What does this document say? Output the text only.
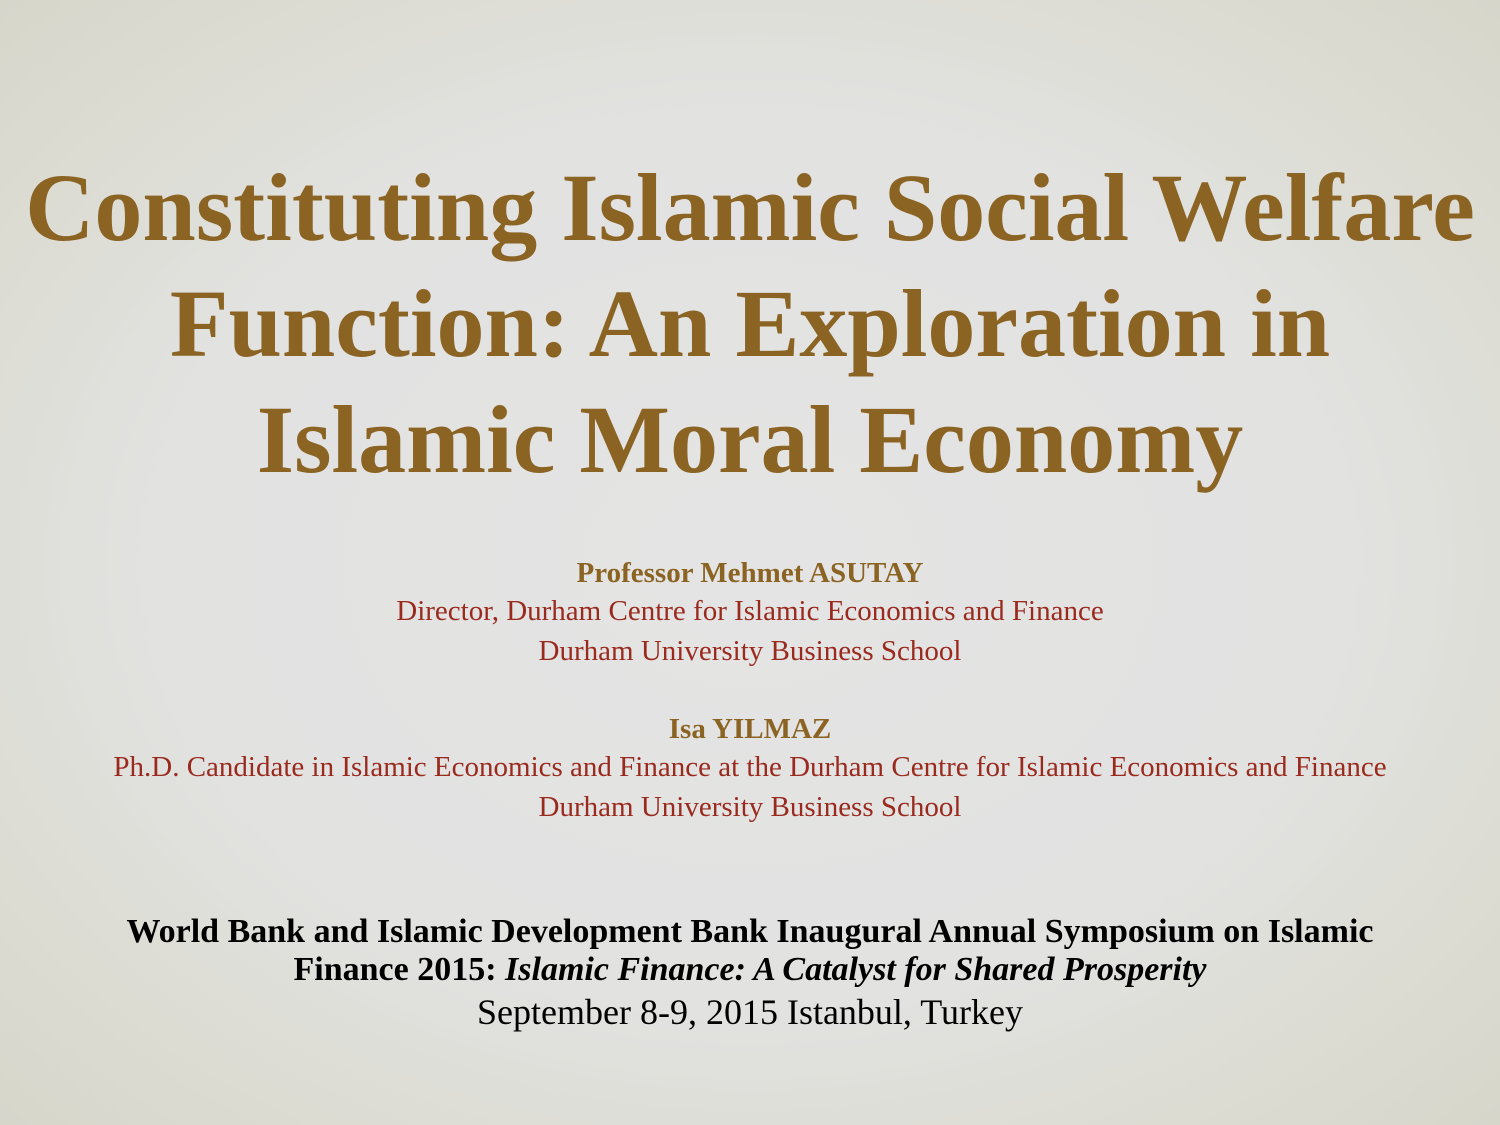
Constituting Islamic Social Welfare
Function: An Exploration in
Islamic Moral Economy
Professor Mehmet ASUTAY
Director, Durham Centre for Islamic Economics and Finance
Durham University Business School
Isa YILMAZ
Ph.D. Candidate in Islamic Economics and Finance at the Durham Centre for Islamic Economics and Finance
Durham University Business School
World Bank and Islamic Development Bank Inaugural Annual Symposium on Islamic
Finance 2015: Islamic Finance: A Catalyst for Shared Prosperity
September 8-9, 2015 Istanbul, Turkey
